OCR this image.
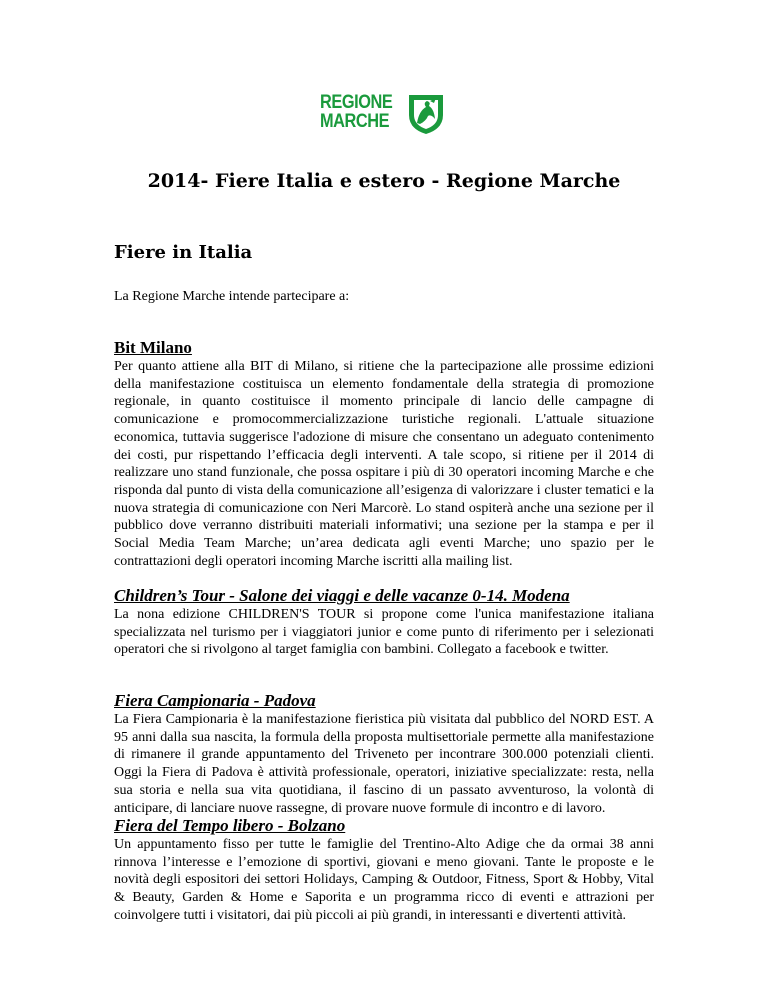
REGIONE
MARCHE
2014- Fiere Italia e estero - Regione Marche
Fiere in Italia

La Regione Marche intende partecipare a:

Bit Milano

Per quanto attiene alla BIT di Milano, si ritiene che la partecipazione alle prossime edizioni della manifestazione costituisca un elemento fondamentale della strategia di promozione regionale, in quanto costituisce il momento principale di lancio delle campagne di comunicazione e promocommercializzazione turistiche regionali. L'attuale situazione economica, tuttavia suggerisce l'adozione di misure che consentano un adeguato contenimento dei costi, pur rispettando l’efficacia degli interventi. A tale scopo, si ritiene per il 2014 di realizzare uno stand funzionale, che possa ospitare i più di 30 operatori incoming Marche e che risponda dal punto di vista della comunicazione all’esigenza di valorizzare i cluster tematici e la nuova strategia di comunicazione con Neri Marcorè. Lo stand ospiterà anche una sezione per il pubblico dove verranno distribuiti materiali informativi; una sezione per la stampa e per il Social Media Team Marche; un’area dedicata agli eventi Marche; uno spazio per le contrattazioni degli operatori incoming Marche iscritti alla mailing list.

Children’s Tour - Salone dei viaggi e delle vacanze 0-14. Modena

La nona edizione CHILDREN'S TOUR si propone come l'unica manifestazione italiana specializzata nel turismo per i viaggiatori junior e come punto di riferimento per i selezionati operatori che si rivolgono al target famiglia con bambini. Collegato a facebook e twitter.

Fiera Campionaria - Padova

La Fiera Campionaria è la manifestazione fieristica più visitata dal pubblico del NORD EST. A 95 anni dalla sua nascita, la formula della proposta multisettoriale permette alla manifestazione di rimanere il grande appuntamento del Triveneto per incontrare 300.000 potenziali clienti. Oggi la Fiera di Padova è attività professionale, operatori, iniziative specializzate: resta, nella sua storia e nella sua vita quotidiana, il fascino di un passato avventuroso, la volontà di anticipare, di lanciare nuove rassegne, di provare nuove formule di incontro e di lavoro.

Fiera del Tempo libero - Bolzano

Un appuntamento fisso per tutte le famiglie del Trentino-Alto Adige che da ormai 38 anni rinnova l’interesse e l’emozione di sportivi, giovani e meno giovani. Tante le proposte e le novità degli espositori dei settori Holidays, Camping & Outdoor, Fitness, Sport & Hobby, Vital & Beauty, Garden & Home e Saporita e un programma ricco di eventi e attrazioni per coinvolgere tutti i visitatori, dai più piccoli ai più grandi, in interessanti e divertenti attività.
